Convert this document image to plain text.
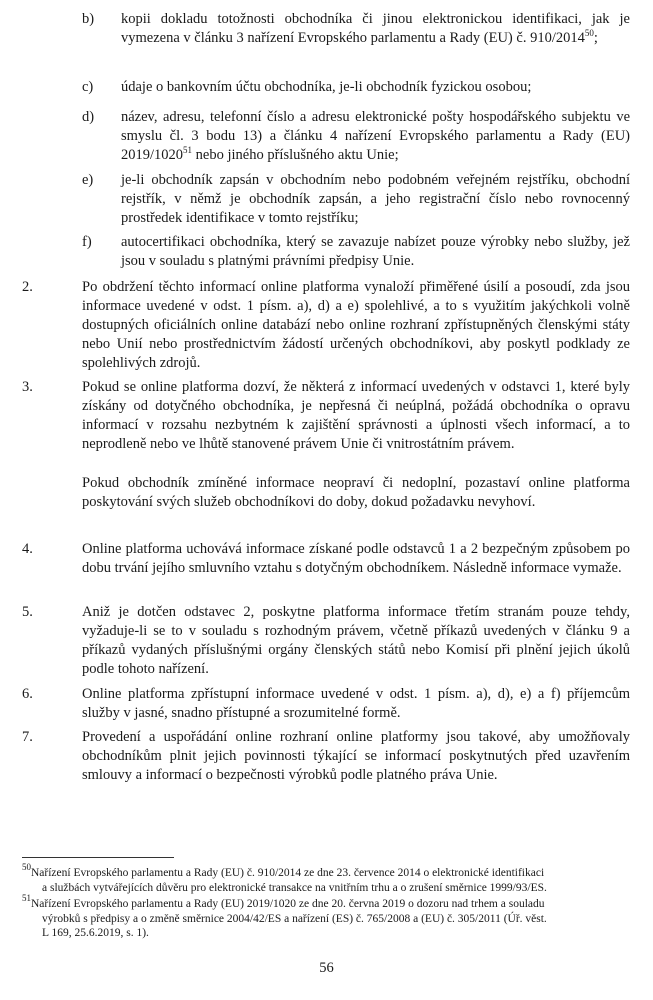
b) kopii dokladu totožnosti obchodníka či jinou elektronickou identifikaci, jak je vymezena v článku 3 nařízení Evropského parlamentu a Rady (EU) č. 910/2014$^{50}$;
c) údaje o bankovním účtu obchodníka, je-li obchodník fyzickou osobou;
d) název, adresu, telefonní číslo a adresu elektronické pošty hospodářského subjektu ve smyslu čl. 3 bodu 13) a článku 4 nařízení Evropského parlamentu a Rady (EU) 2019/1020$^{51}$ nebo jiného příslušného aktu Unie;
e) je-li obchodník zapsán v obchodním nebo podobném veřejném rejstříku, obchodní rejstřík, v němž je obchodník zapsán, a jeho registrační číslo nebo rovnocenný prostředek identifikace v tomto rejstříku;
f) autocertifikaci obchodníka, který se zavazuje nabízet pouze výrobky nebo služby, jež jsou v souladu s platnými právními předpisy Unie.
2.	Po obdržení těchto informací online platforma vynaloží přiměřené úsilí a posoudí, zda jsou informace uvedené v odst. 1 písm. a), d) a e) spolehlivé, a to s využitím jakýchkoli volně dostupných oficiálních online databází nebo online rozhraní zpřístupněných členskými státy nebo Unií nebo prostřednictvím žádostí určených obchodníkovi, aby poskytl podklady ze spolehlivých zdrojů.
3.	Pokud se online platforma dozví, že některá z informací uvedených v odstavci 1, které byly získány od dotyčného obchodníka, je nepřesná či neúplná, požádá obchodníka o opravu informací v rozsahu nezbytném k zajištění správnosti a úplnosti všech informací, a to neprodleně nebo ve lhůtě stanovené právem Unie či vnitrostátním právem.
Pokud obchodník zmíněné informace neopraví či nedoplní, pozastaví online platforma poskytování svých služeb obchodníkovi do doby, dokud požadavku nevyhoví.
4.	Online platforma uchovává informace získané podle odstavců 1 a 2 bezpečným způsobem po dobu trvání jejího smluvního vztahu s dotyčným obchodníkem. Následně informace vymaže.
5.	Aniž je dotčen odstavec 2, poskytne platforma informace třetím stranám pouze tehdy, vyžaduje-li se to v souladu s rozhodným právem, včetně příkazů uvedených v článku 9 a příkazů vydaných příslušnými orgány členských států nebo Komisí při plnění jejich úkolů podle tohoto nařízení.
6.	Online platforma zpřístupní informace uvedené v odst. 1 písm. a), d), e) a f) příjemcům služby v jasné, snadno přístupné a srozumitelné formě.
7.	Provedení a uspořádání online rozhraní online platformy jsou takové, aby umožňovaly obchodníkům plnit jejich povinnosti týkající se informací poskytnutých před uzavřením smlouvy a informací o bezpečnosti výrobků podle platného práva Unie.
$^{50}$Nařízení Evropského parlamentu a Rady (EU) č. 910/2014 ze dne 23. července 2014 o elektronické identifikaci
a službách vytvářejících důvěru pro elektronické transakce na vnitřním trhu a o zrušení směrnice 1999/93/ES.
$^{51}$Nařízení Evropského parlamentu a Rady (EU) 2019/1020 ze dne 20. června 2019 o dozoru nad trhem a souladu
výrobků s předpisy a o změně směrnice 2004/42/ES a nařízení (ES) č. 765/2008 a (EU) č. 305/2011 (Úř. věst.
L 169, 25.6.2019, s. 1).
56
